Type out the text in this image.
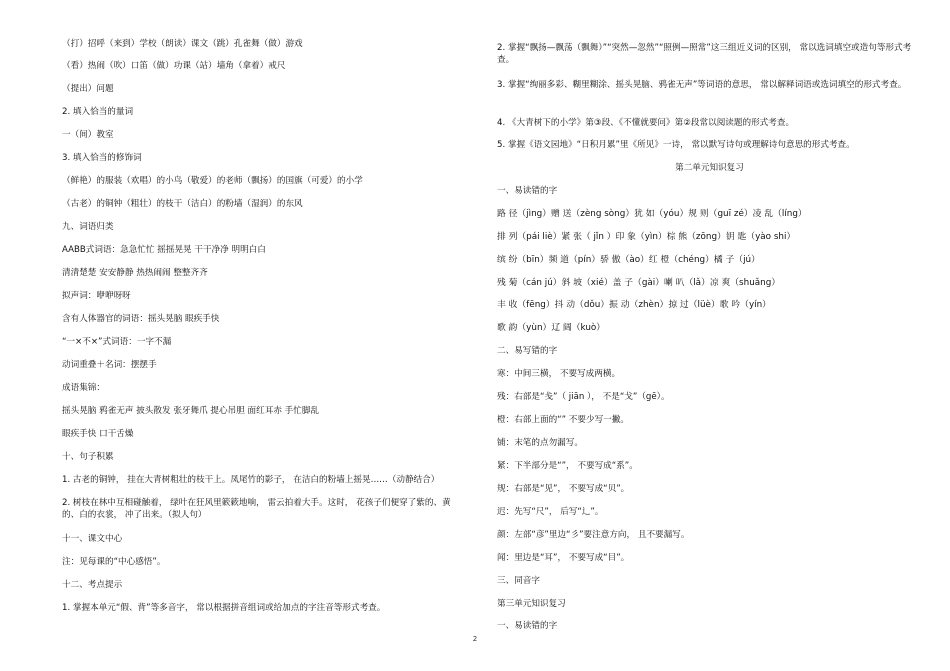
（打）招呼（来到）学校（朗读）课文（跳）孔雀舞（做）游戏
（看）热闹（吹）口笛（做）功课（站）墙角（拿着）戒尺
（提出）问题
2. 填入恰当的量词
一（间）教室
3. 填入恰当的修饰词
（鲜艳）的服装（欢唱）的小鸟（敬爱）的老师（飘扬）的国旗（可爱）的小学
（古老）的铜钟（粗壮）的枝干（洁白）的粉墙（湿润）的东风
九、词语归类
AABB式词语：急急忙忙 摇摇晃晃 干干净净 明明白白
清清楚楚 安安静静 热热闹闹 整整齐齐
拟声词：咿咿呀呀
含有人体器官的词语：摇头晃脑 眼疾手快
“一×不×”式词语：一字不漏
动词重叠＋名词：摆摆手
成语集锦：
摇头晃脑 鸦雀无声 披头散发 张牙舞爪 提心吊胆 面红耳赤 手忙脚乱
眼疾手快 口干舌燥
十、句子积累
1. 古老的铜钟， 挂在大青树粗壮的枝干上。凤尾竹的影子， 在洁白的粉墙上摇晃……（动静结合）
2. 树枝在林中互相碰触着， 绿叶在狂风里簌簌地响， 雷云拍着大手。这时， 花孩子们便穿了紫的、黄的、白的衣裳， 冲了出来。（拟人句）
十一、课文中心
注：见每课的“中心感悟”。
十二、考点提示
1. 掌握本单元“假、背”等多音字， 常以根据拼音组词或给加点的字注音等形式考查。
2. 掌握“飘扬—飘荡（飘舞）”“突然—忽然”“照例—照常”这三组近义词的区别， 常以选词填空或造句等形式考查。
3. 掌握“绚丽多彩、糊里糊涂、摇头晃脑、鸦雀无声”等词语的意思， 常以解释词语或选词填空的形式考查。
4. 《大青树下的小学》第③段、《不懂就要问》第②段常以阅读题的形式考查。
5. 掌握《语文园地》“日积月累”里《所见》一诗， 常以默写诗句或理解诗句意思的形式考查。
第二单元知识复习
一、易读错的字
路 径（jìng）赠 送（zèng sòng）犹 如（yóu）规 则（guī zé）凌 乱（líng）
排 列（pái liè）紧 张（ jǐn ）印 象（yìn）棕 熊（zōng）钥 匙（yào shi）
缤 纷（bīn）频 道（pín）骄 傲（ào）红 橙（chéng）橘 子（jú）
残 菊（cán jú）斜 坡（xié）盖 子（gài）喇 叭（lǎ）凉 爽（shuǎng）
丰 收（fēng）抖 动（dǒu）振 动（zhèn）掠 过（lüè）歌 吟（yín）
歌 韵（yùn）辽 阔（kuò）
二、易写错的字
寒：中间三横， 不要写成两横。
残：右部是“戋”（ jiān ）， 不是“戈”（gē）。
橙：右部上面的“” 不要少写一撇。
铺：末笔的点勿漏写。
紧：下半部分是“”， 不要写成“系”。
规：右部是“见”， 不要写成“贝”。
迟：先写“尺”， 后写“辶”。
颜：左部“彦”里边“彡”要注意方向， 且不要漏写。
闻：里边是“耳”， 不要写成“目”。
三、同音字
第三单元知识复习
一、易读错的字
2
